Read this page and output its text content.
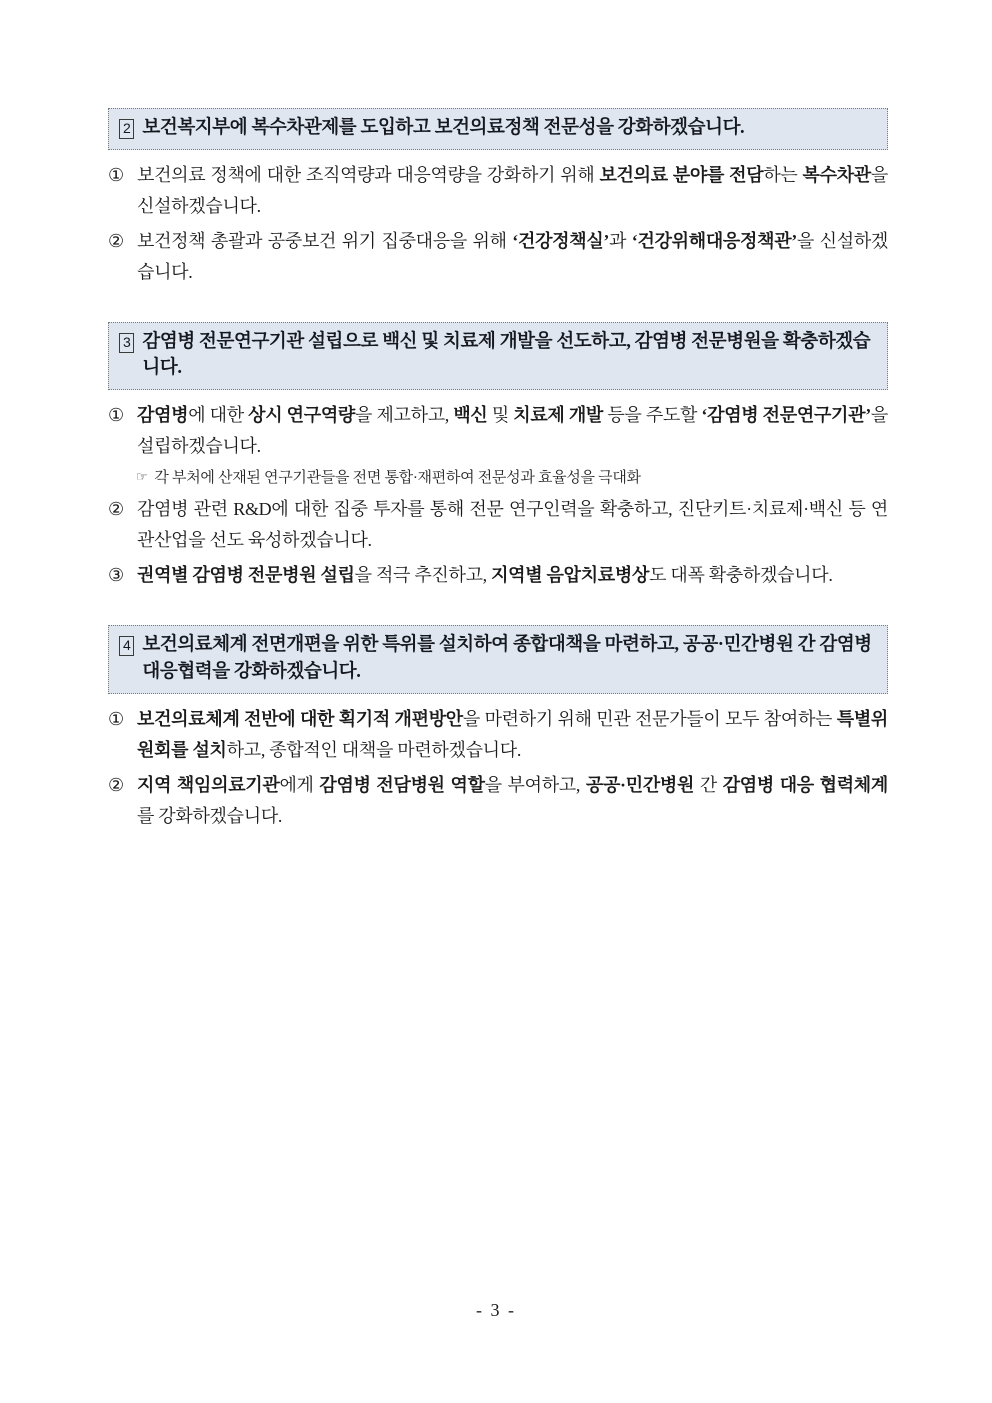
2 보건복지부에 복수차관제를 도입하고 보건의료정책 전문성을 강화하겠습니다.
① 보건의료 정책에 대한 조직역량과 대응역량을 강화하기 위해 보건의료 분야를 전담하는 복수차관을 신설하겠습니다.
② 보건정책 총괄과 공중보건 위기 집중대응을 위해 ‘건강정책실’과 ‘건강위해대응정책관’을 신설하겠습니다.
3 감염병 전문연구기관 설립으로 백신 및 치료제 개발을 선도하고, 감염병 전문병원을 확충하겠습니다.
① 감염병에 대한 상시 연구역량을 제고하고, 백신 및 치료제 개발 등을 주도할 ‘감염병 전문연구기관’을 설립하겠습니다.
☞ 각 부처에 산재된 연구기관들을 전면 통합·재편하여 전문성과 효율성을 극대화
② 감염병 관련 R&D에 대한 집중 투자를 통해 전문 연구인력을 확충하고, 진단키트·치료제·백신 등 연관산업을 선도 육성하겠습니다.
③ 권역별 감염병 전문병원 설립을 적극 추진하고, 지역별 음압치료병상도 대폭 확충하겠습니다.
4 보건의료체계 전면개편을 위한 특위를 설치하여 종합대책을 마련하고, 공공·민간병원 간 감염병 대응협력을 강화하겠습니다.
① 보건의료체계 전반에 대한 획기적 개편방안을 마련하기 위해 민관 전문가들이 모두 참여하는 특별위원회를 설치하고, 종합적인 대책을 마련하겠습니다.
② 지역 책임의료기관에게 감염병 전담병원 역할을 부여하고, 공공·민간병원 간 감염병 대응 협력체계를 강화하겠습니다.
- 3 -
